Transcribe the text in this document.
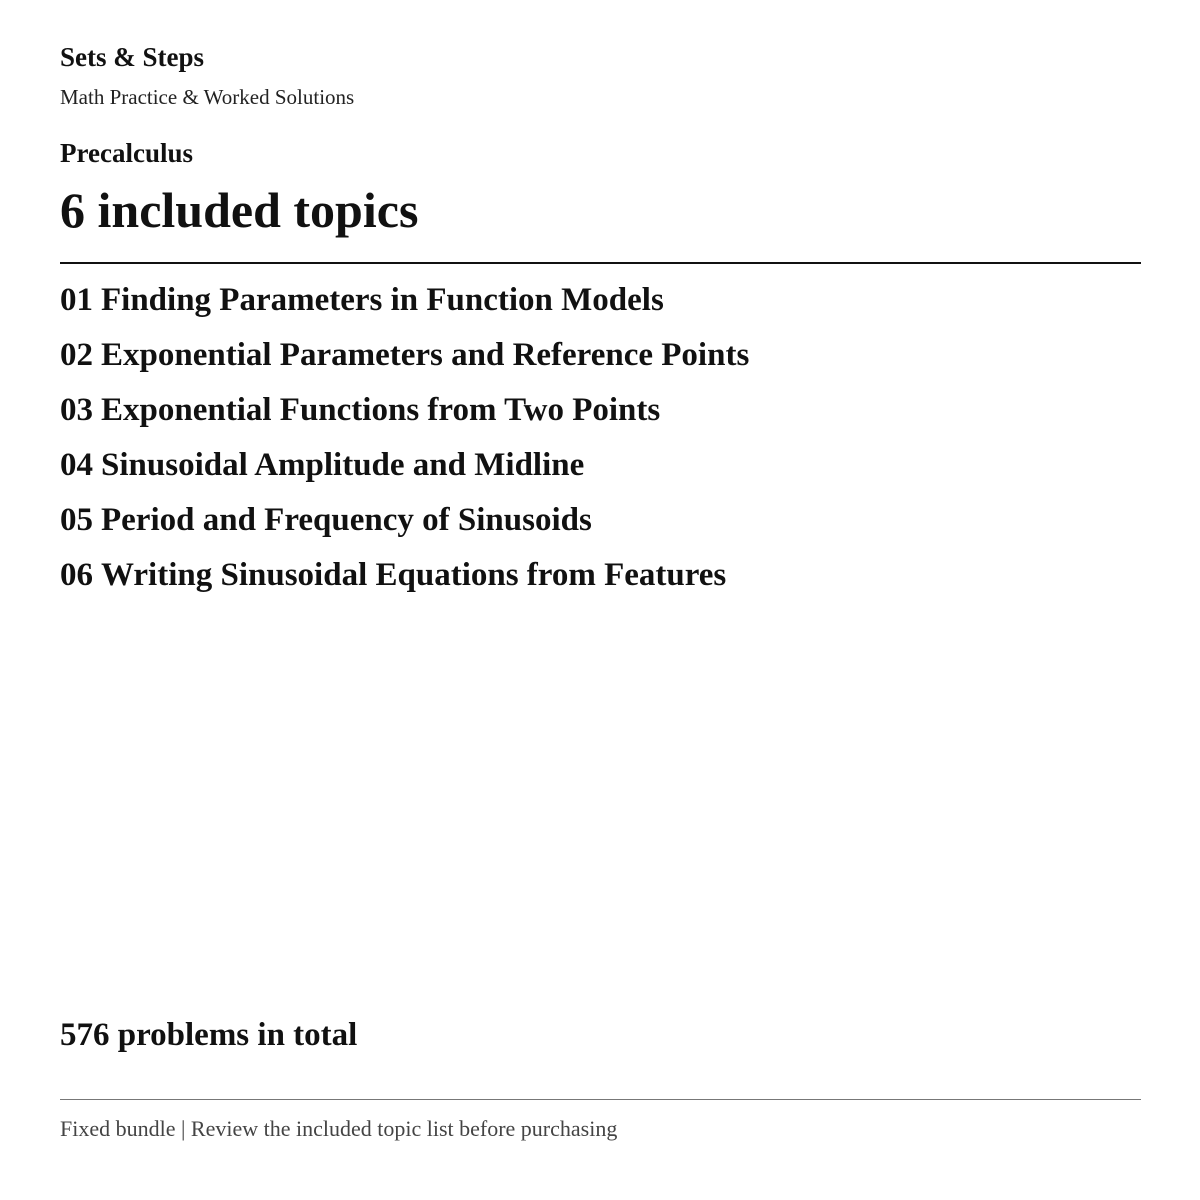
Sets & Steps
Math Practice & Worked Solutions
Precalculus
6 included topics
01 Finding Parameters in Function Models
02 Exponential Parameters and Reference Points
03 Exponential Functions from Two Points
04 Sinusoidal Amplitude and Midline
05 Period and Frequency of Sinusoids
06 Writing Sinusoidal Equations from Features
576 problems in total
Fixed bundle | Review the included topic list before purchasing
